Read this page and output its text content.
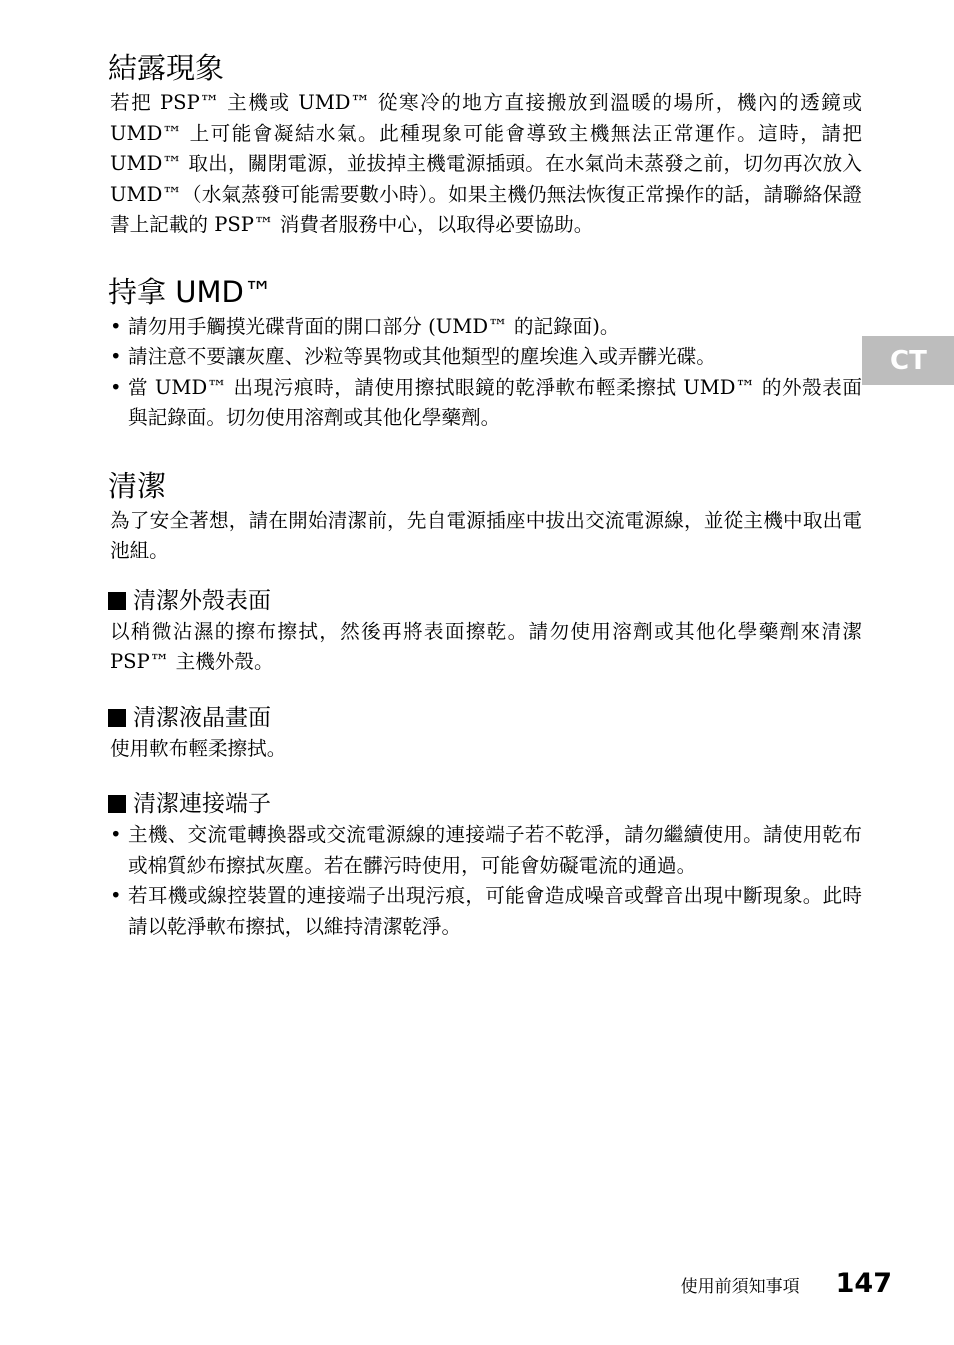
結露現象

若把 PSP™ 主機或 UMD™ 從寒冷的地方直接搬放到溫暖的場所，機內的透鏡或 UMD™ 上可能會凝結水氣。此種現象可能會導致主機無法正常運作。這時，請把 UMD™ 取出，關閉電源，並拔掉主機電源插頭。在水氣尚未蒸發之前，切勿再次放入 UMD™（水氣蒸發可能需要數小時）。如果主機仍無法恢復正常操作的話，請聯絡保證書上記載的 PSP™ 消費者服務中心，以取得必要協助。

持拿 UMD™
• 請勿用手觸摸光碟背面的開口部分 (UMD™ 的記錄面)。
• 請注意不要讓灰塵、沙粒等異物或其他類型的塵埃進入或弄髒光碟。
• 當 UMD™ 出現污痕時，請使用擦拭眼鏡的乾淨軟布輕柔擦拭 UMD™ 的外殼表面與記錄面。切勿使用溶劑或其他化學藥劑。
清潔

為了安全著想，請在開始清潔前，先自電源插座中拔出交流電源線，並從主機中取出電池組。

清潔外殼表面

以稍微沾濕的擦布擦拭，然後再將表面擦乾。請勿使用溶劑或其他化學藥劑來清潔 PSP™ 主機外殼。

清潔液晶畫面

使用軟布輕柔擦拭。

清潔連接端子
• 主機、交流電轉換器或交流電源線的連接端子若不乾淨，請勿繼續使用。請使用乾布或棉質紗布擦拭灰塵。若在髒污時使用，可能會妨礙電流的通過。
• 若耳機或線控裝置的連接端子出現污痕，可能會造成噪音或聲音出現中斷現象。此時請以乾淨軟布擦拭，以維持清潔乾淨。
CT
使用前須知事項 147
